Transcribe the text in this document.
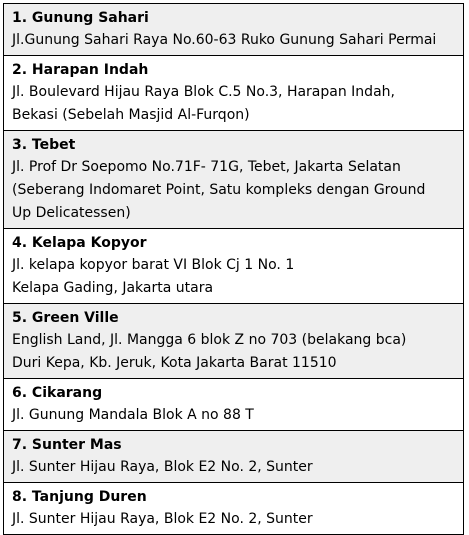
1. Gunung Sahari
Jl.Gunung Sahari Raya No.60-63 Ruko Gunung Sahari Permai
2. Harapan Indah
Jl. Boulevard Hijau Raya Blok C.5 No.3, Harapan Indah,
Bekasi (Sebelah Masjid Al-Furqon)
3. Tebet
Jl. Prof Dr Soepomo No.71F- 71G, Tebet, Jakarta Selatan
(Seberang Indomaret Point, Satu kompleks dengan Ground
Up Delicatessen)
4. Kelapa Kopyor
Jl. kelapa kopyor barat VI Blok Cj 1 No. 1
Kelapa Gading, Jakarta utara
5. Green Ville
English Land, Jl. Mangga 6 blok Z no 703 (belakang bca)
Duri Kepa, Kb. Jeruk, Kota Jakarta Barat 11510
6. Cikarang
Jl. Gunung Mandala Blok A no 88 T
7. Sunter Mas
Jl. Sunter Hijau Raya, Blok E2 No. 2, Sunter
8. Tanjung Duren
Jl. Sunter Hijau Raya, Blok E2 No. 2, Sunter
